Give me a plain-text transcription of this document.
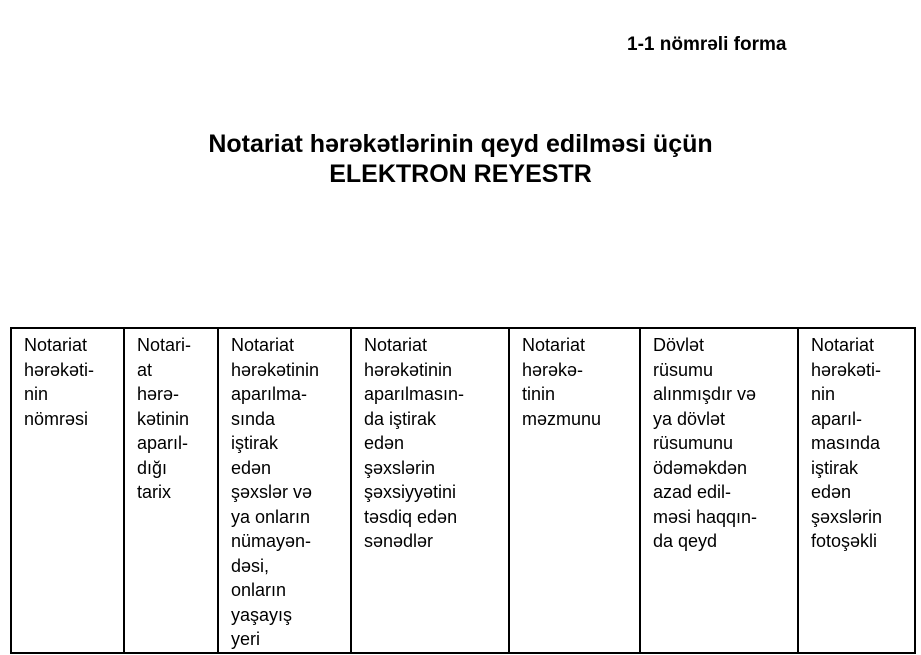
1-1 nömrəli forma
Notariat hərəkətlərinin qeyd edilməsi üçün
ELEKTRON REYESTR
Notariat
hərəkəti-
nin
nömrəsi

Notari-
at
hərə-
kətinin
aparıl-
dığı
tarix

Notariat
hərəkətinin
aparılma-
sında
iştirak
edən
şəxslər və
ya onların
nümayən-
dəsi,
onların
yaşayış
yeri

Notariat
hərəkətinin
aparılmasın-
da iştirak
edən
şəxslərin
şəxsiyyətini
təsdiq edən
sənədlər

Notariat
hərəkə-
tinin
məzmunu

Dövlət
rüsumu
alınmışdır və
ya dövlət
rüsumunu
ödəməkdən
azad edil-
məsi haqqın-
da qeyd

Notariat
hərəkəti-
nin
aparıl-
masında
iştirak
edən
şəxslərin
fotoşəkli
